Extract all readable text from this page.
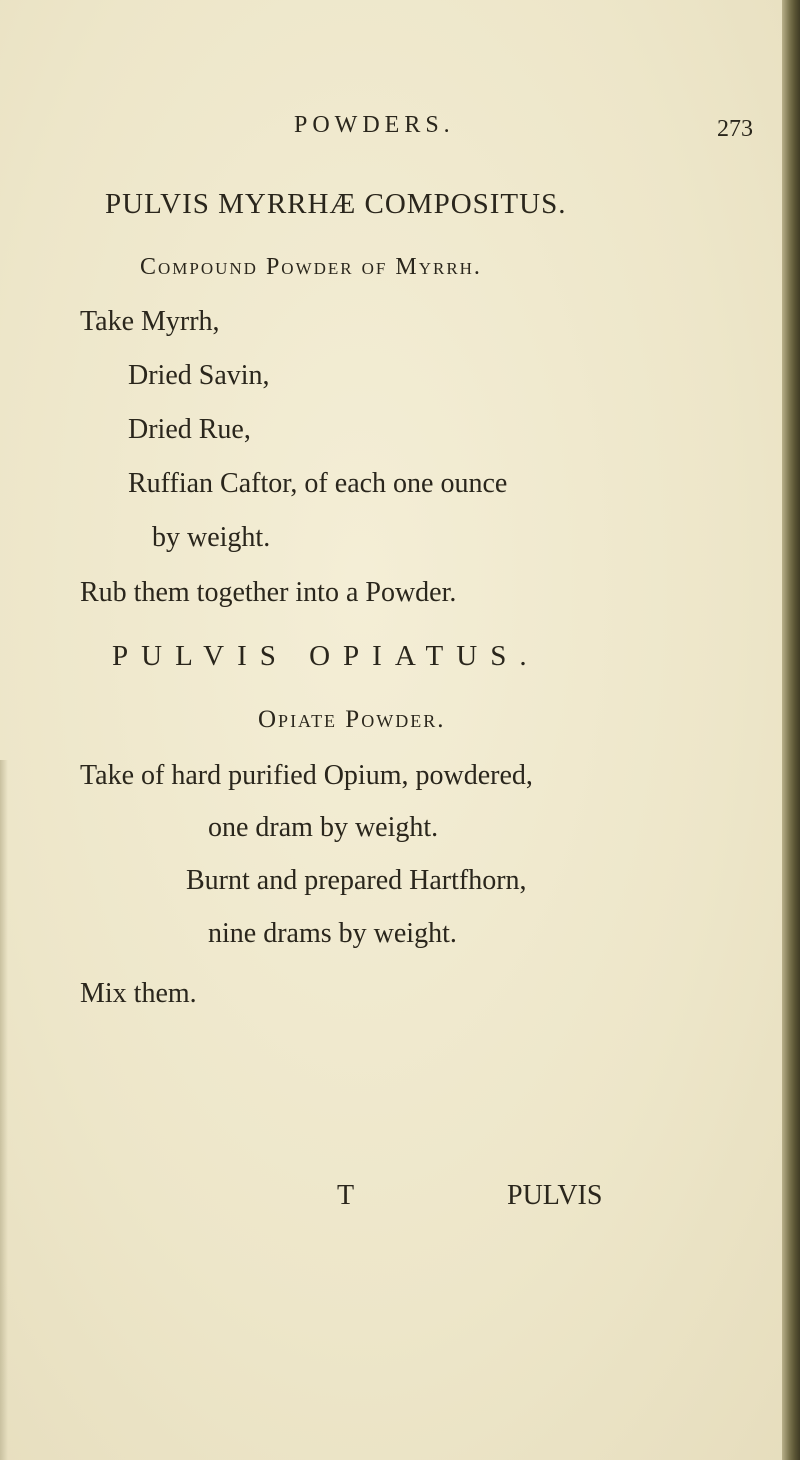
POWDERS.	273
PULVIS MYRRHÆ COMPOSITUS.
Compound Powder of Myrrh.
Take Myrrh,
Dried Savin,
Dried Rue,
Ruffian Caftor, of each one ounce
by weight.
Rub them together into a Powder.
PULVIS OPIATUS.
Opiate Powder.
Take of hard purified Opium, powdered,
one dram by weight.
Burnt and prepared Hartfhorn,
nine drams by weight.
Mix them.
T	PULVIS
